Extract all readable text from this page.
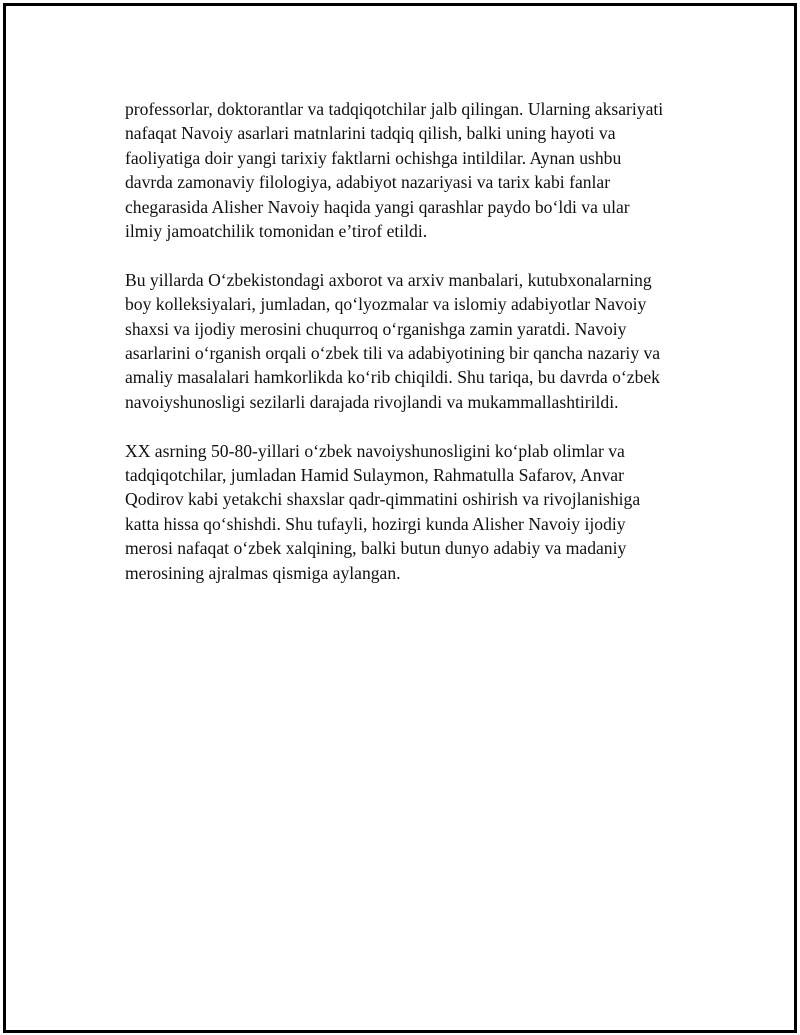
professorlar, doktorantlar va tadqiqotchilar jalb qilingan. Ularning aksariyati
nafaqat Navoiy asarlari matnlarini tadqiq qilish, balki uning hayoti va
faoliyatiga doir yangi tarixiy faktlarni ochishga intildilar. Aynan ushbu
davrda zamonaviy filologiya, adabiyot nazariyasi va tarix kabi fanlar
chegarasida Alisher Navoiy haqida yangi qarashlar paydo bo‘ldi va ular
ilmiy jamoatchilik tomonidan e’tirof etildi.

Bu yillarda O‘zbekistondagi axborot va arxiv manbalari, kutubxonalarning
boy kolleksiyalari, jumladan, qo‘lyozmalar va islomiy adabiyotlar Navoiy
shaxsi va ijodiy merosini chuqurroq o‘rganishga zamin yaratdi. Navoiy
asarlarini o‘rganish orqali o‘zbek tili va adabiyotining bir qancha nazariy va
amaliy masalalari hamkorlikda ko‘rib chiqildi. Shu tariqa, bu davrda o‘zbek
navoiyshunosligi sezilarli darajada rivojlandi va mukammallashtirildi.

XX asrning 50-80-yillari o‘zbek navoiyshunosligini ko‘plab olimlar va
tadqiqotchilar, jumladan Hamid Sulaymon, Rahmatulla Safarov, Anvar
Qodirov kabi yetakchi shaxslar qadr-qimmatini oshirish va rivojlanishiga
katta hissa qo‘shishdi. Shu tufayli, hozirgi kunda Alisher Navoiy ijodiy
merosi nafaqat o‘zbek xalqining, balki butun dunyo adabiy va madaniy
merosining ajralmas qismiga aylangan.
